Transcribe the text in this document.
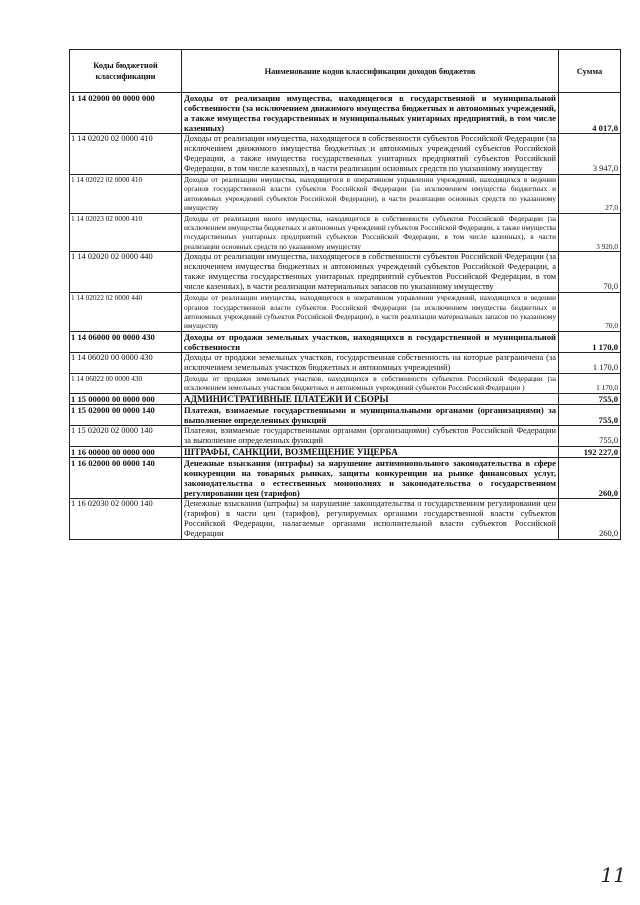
Коды бюджетной классификации	Наименование кодов классификации доходов бюджетов	Сумма
1 14 02000 00 0000 000	Доходы от реализации имущества, находящегося в государственной и муниципальной собственности (за исключением движимого имущества бюджетных и автономных учреждений, а также имущества государственных и муниципальных унитарных предприятий, в том числе казенных)	4 017,0
1 14 02020 02 0000 410	Доходы от реализации имущества, находящегося в собственности субъектов Российской Федерации (за исключением движимого имущества бюджетных и автономных учреждений субъектов Российской Федерации, а также имущества государственных унитарных предприятий субъектов Российской Федерации, в том числе казенных), в части реализации основных средств по указанному имуществу	3 947,0
1 14 02022 02 0000 410	Доходы от реализации имущества, находящегося в оперативном управлении учреждений, находящихся в ведении органов государственной власти субъектов Российской Федерации (за исключением имущества бюджетных и автономных учреждений субъектов Российской Федерации), в части реализации основных средств по указанному имуществу	27,0
1 14 02023 02 0000 410	Доходы от реализации иного имущества, находящегося в собственности субъектов Российской Федерации (за исключением имущества бюджетных и автономных учреждений субъектов Российской Федерации, а также имущества государственных унитарных предприятий субъектов Российской Федерации, в том числе казенных), в части реализации основных средств по указанному имуществу	3 920,0
1 14 02020 02 0000 440	Доходы от реализации имущества, находящегося в собственности субъектов Российской Федерации (за исключением имущества бюджетных и автономных учреждений субъектов Российской Федерации, а также имущества государственных унитарных предприятий субъектов Российской Федерации, в том числе казенных), в части реализации материальных запасов по указанному имуществу	70,0
1 14 02022 02 0000 440	Доходы от реализации имущества, находящегося в оперативном управлении учреждений, находящихся в ведении органов государственной власти субъектов Российской Федерации (за исключением имущества бюджетных и автономных учреждений субъектов Российской Федерации), в части реализации материальных запасов по указанному имуществу	70,0
1 14 06000 00 0000 430	Доходы от продажи земельных участков, находящихся в государственной и муниципальной собственности	1 170,0
1 14 06020 00 0000 430	Доходы от продажи земельных участков, государственная собственность на которые разграничена (за исключением земельных участков бюджетных и автономных учреждений)	1 170,0
1 14 06022 00 0000 430	Доходы от продажи земельных участков, находящихся в собственности субъектов Российской Федерации (за исключением земельных участков бюджетных и автономных учреждений субъектов Российской Федерации )	1 170,0
1 15 00000 00 0000 000	АДМИНИСТРАТИВНЫЕ ПЛАТЕЖИ И СБОРЫ	755,0
1 15 02000 00 0000 140	Платежи, взимаемые государственными и муниципальными органами (организациями) за выполнение определенных функций	755,0
1 15 02020 02 0000 140	Платежи, взимаемые государственными органами (организациями) субъектов Российской Федерации за выполнение определенных функций	755,0
1 16 00000 00 0000 000	ШТРАФЫ, САНКЦИИ, ВОЗМЕЩЕНИЕ УЩЕРБА	192 227,0
1 16 02000 00 0000 140	Денежные взыскания (штрафы) за нарушение антимонопольного законодательства в сфере конкуренции на товарных рынках, защиты конкуренции на рынке финансовых услуг, законодательства о естественных монополиях и законодательства о государственном регулировании цен (тарифов)	260,0
1 16 02030 02 0000 140	Денежные взыскания (штрафы) за нарушение законодательства о государственном регулировании цен (тарифов) в части цен (тарифов), регулируемых органами государственной власти субъектов Российской Федерации, налагаемые органами исполнительной власти субъектов Российской Федерации	260,0
11
